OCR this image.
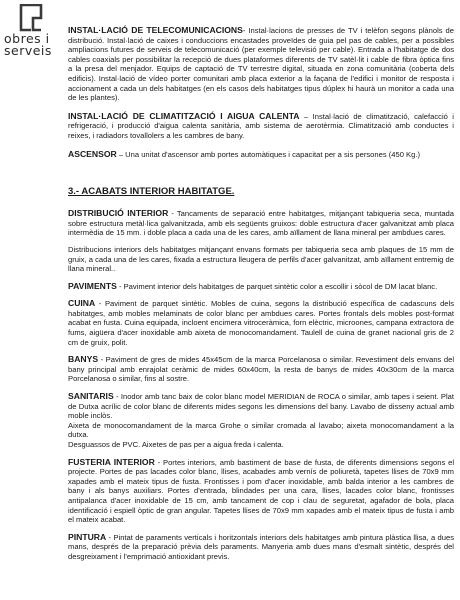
obres i
serveis
INSTAL·LACIÓ DE TELECOMUNICACIONS- Instal·lacions de presses de TV i telèfon segons plànols de distribució. Instal·lació de caixes i conduccions encastades proveïdes de guia pel pas de cables, per a possibles ampliacions futures de serveis de telecomunicació (per exemple televisió per cable). Entrada a l'habitatge de dos cables coaxials per possibilitar la recepció de dues plataformes diferents de TV satèl·lit i cable de fibra òptica fins a la presa del menjador. Equips de captació de TV terrestre digital, situada en zona comunitària (coberta dels edificis). Instal·lació de vídeo porter comunitari amb placa exterior a la façana de l'edifici i monitor de resposta i accionament a cada un dels habitatges (en els casos dels habitatges tipus dúplex hi haurà un monitor a cada una de les plantes).
INSTAL·LACIÓ DE CLIMATITZACIÓ I AIGUA CALENTA – Instal·lació de climatització, calefacció i refrigeració, i producció d'aigua calenta sanitària, amb sistema de aerotèrmia. Climatització amb conductes i reixes, i radiadors tovallolers a les cambres de bany.
ASCENSOR – Una unitat d'ascensor amb portes automàtiques i capacitat per a sis persones (450 Kg.)
3.- ACABATS INTERIOR HABITATGE.

DISTRIBUCIÓ INTERIOR - Tancaments de separació entre habitatges, mitjançant tabiqueria seca, muntada sobre estructura metàl·lica galvanitzada, amb els següents gruixos: doble estructura d'acer galvanitzat amb placa intermèdia de 15 mm. i doble placa a cada una de les cares, amb aïllament de llana mineral per ambdues cares.

Distribucions interiors dels habitatges mitjançant envans formats per tabiqueria seca amb plaques de 15 mm de gruix, a cada una de les cares, fixada a estructura lleugera de perfils d'acer galvanitzat, amb aïllament entremig de llana mineral..

PAVIMENTS - Paviment interior dels habitatges de parquet sintètic color a escollir i sòcol de DM lacat blanc.
CUINA - Paviment de parquet sintètic. Mobles de cuina, segons la distribució específica de cadascuns dels habitatges, amb mobles melaminats de color blanc per ambdues cares. Portes frontals dels mobles post-format acabat en fusta. Cuina equipada, incloent encimera vitroceràmica, forn elèctric, microones, campana extractora de fums, aigüera d'acer inoxidable amb aixeta de monocomandament. Taulell de cuina de granet nacional gris de 2 cm de gruix, polit.
BANYS - Paviment de gres de mides 45x45cm de la marca Porcelanosa o similar. Revestiment dels envans del bany principal amb enrajolat ceràmic de mides 60x40cm, la resta de banys de mides 40x30cm de la marca Porcelanosa o similar, fins al sostre.

SANITARIS - Inodor amb tanc baix de color blanc model MERIDIAN de ROCA o similar, amb tapes i seient. Plat de Dutxa acrílic de color blanc de diferents mides segons les dimensions del bany. Lavabo de disseny actual amb moble inclòs.

Aixeta de monocomandament de la marca Grohe o similar cromada al lavabo; aixeta monocomandament a la dutxa.

Desguassos de PVC. Aixetes de pas per a aigua freda i calenta.

FUSTERIA INTERIOR - Portes interiors, amb bastiment de base de fusta, de diferents dimensions segons el projecte. Portes de pas lacades color blanc, llises, acabades amb vernís de poliuretà, tapetes llises de 70x9 mm xapades amb el mateix tipus de fusta. Frontisses i pom d'acer inoxidable, amb balda interior a les cambres de bany i als banys auxiliars. Portes d'entrada, blindades per una cara, llises, lacades color blanc, frontisses antipalanca d'acer inoxidable de 15 cm, amb tancament de cop i clau de seguretat, agafador de bola, placa identificació i espiell òptic de gran angular. Tapetes llises de 70x9 mm xapades amb el mateix tipus de fusta i amb el mateix acabat.
PINTURA - Pintat de paraments verticals i horitzontals interiors dels habitatges amb pintura plàstica llisa, a dues mans, després de la preparació prèvia dels paraments. Manyeria amb dues mans d'esmalt sintètic, després del desgreixament i l'emprimació antioxidant previs.
